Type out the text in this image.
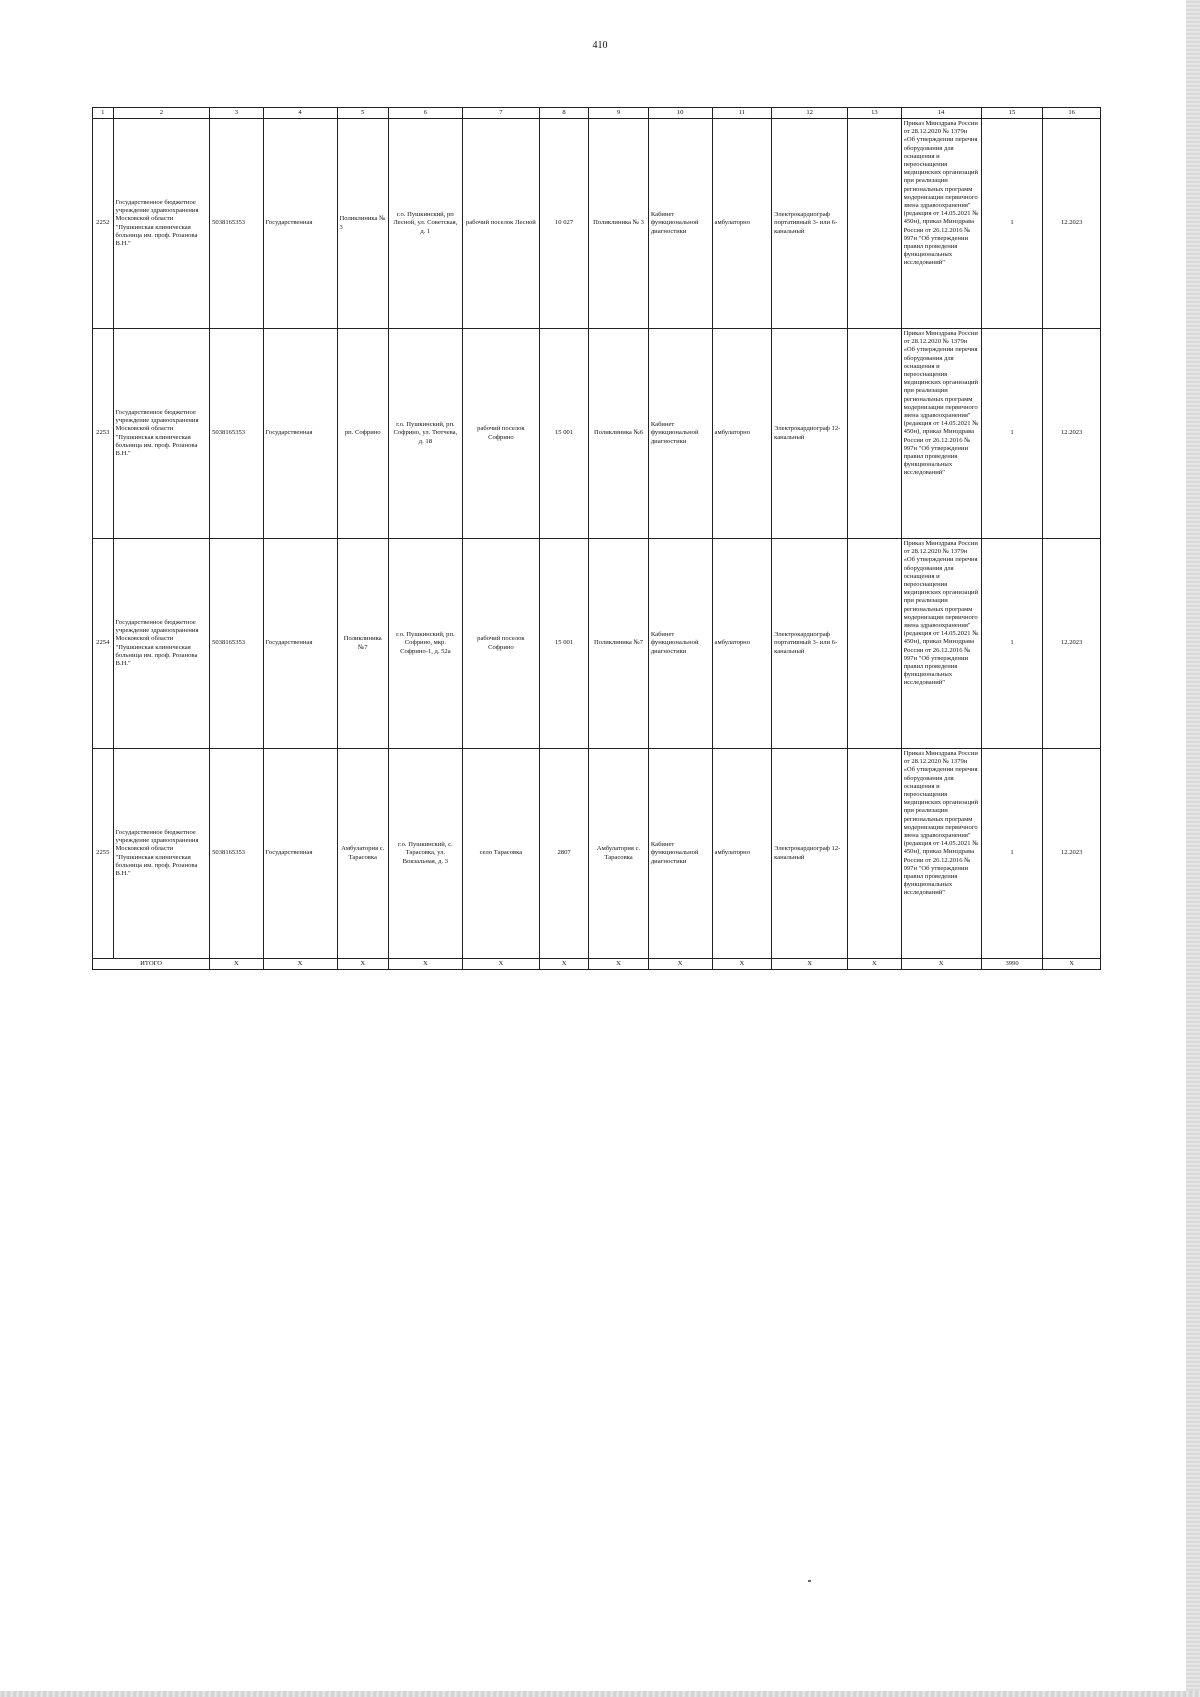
410
1	2	3	4	5	6	7	8	9	10	11	12	13	14	15	16
2252	Государственное бюджетное учреждение здравоохранения Московской области "Пушкинская клиническая больница им. проф. Розанова В.Н."	5038165353	Государственная	Поликлиника № 3	г.о. Пушкинский, рп Лесной, ул. Советская, д. 1	рабочий поселок Лесной	10 027	Поликлиника № 3	Кабинет функциональной диагностики	амбулаторно	Электрокардиограф портативный 3- или 6-канальный		Приказ Минздрава России от 28.12.2020 № 1379н «Об утверждении перечня оборудования для оснащения и переоснащения медицинских организаций при реализации региональных программ модернизации первичного звена здравоохранения"(редакция от 14.05.2021 № 450н), приказ Минздрава России от 26.12.2016 № 997н "Об утверждении правил проведения функциональных исследований"	1	12.2023
2253	Государственное бюджетное учреждение здравоохранения Московской области "Пушкинская клиническая больница им. проф. Розанова В.Н."	5038165353	Государственная	рп. Софрино	г.о. Пушкинский, рп. Софрино, ул. Тютчева, д. 18	рабочий поселок Софрино	15 001	Поликлиника №6	Кабинет функциональной диагностики	амбулаторно	Электрокардиограф 12-канальный		Приказ Минздрава России от 28.12.2020 № 1379н «Об утверждении перечня оборудования для оснащения и переоснащения медицинских организаций при реализации региональных программ модернизации первичного звена здравоохранения"(редакция от 14.05.2021 № 450н), приказ Минздрава России от 26.12.2016 № 997н "Об утверждении правил проведения функциональных исследований"	1	12.2023
2254	Государственное бюджетное учреждение здравоохранения Московской области "Пушкинская клиническая больница им. проф. Розанова В.Н."	5038165353	Государственная	Поликлиника №7	г.о. Пушкинский, рп. Софрино, мкр. Софрино-1, д. 52а	рабочий поселок Софрино	15 001	Поликлиника №7	Кабинет функциональной диагностики	амбулаторно	Электрокардиограф портативный 3- или 6-канальный		Приказ Минздрава России от 28.12.2020 № 1379н «Об утверждении перечня оборудования для оснащения и переоснащения медицинских организаций при реализации региональных программ модернизации первичного звена здравоохранения"(редакция от 14.05.2021 № 450н), приказ Минздрава России от 26.12.2016 № 997н "Об утверждении правил проведения функциональных исследований"	1	12.2023
2255	Государственное бюджетное учреждение здравоохранения Московской области "Пушкинская клиническая больница им. проф. Розанова В.Н."	5038165353	Государственная	Амбулатория с. Тарасовка	г.о. Пушкинский, с. Тарасовка, ул. Вокзальная, д. 3	село Тарасовка	2807	Амбулатория с. Тарасовка	Кабинет функциональной диагностики	амбулаторно	Электрокардиограф 12-канальный		Приказ Минздрава России от 28.12.2020 № 1379н «Об утверждении перечня оборудования для оснащения и переоснащения медицинских организаций при реализации региональных программ модернизации первичного звена здравоохранения"(редакция от 14.05.2021 № 450н), приказ Минздрава России от 26.12.2016 № 997н "Об утверждении правил проведения функциональных исследований"	1	12.2023
ИТОГО		Х	Х	Х	Х	Х	Х	Х	Х	Х	Х	Х	Х	3990	Х
